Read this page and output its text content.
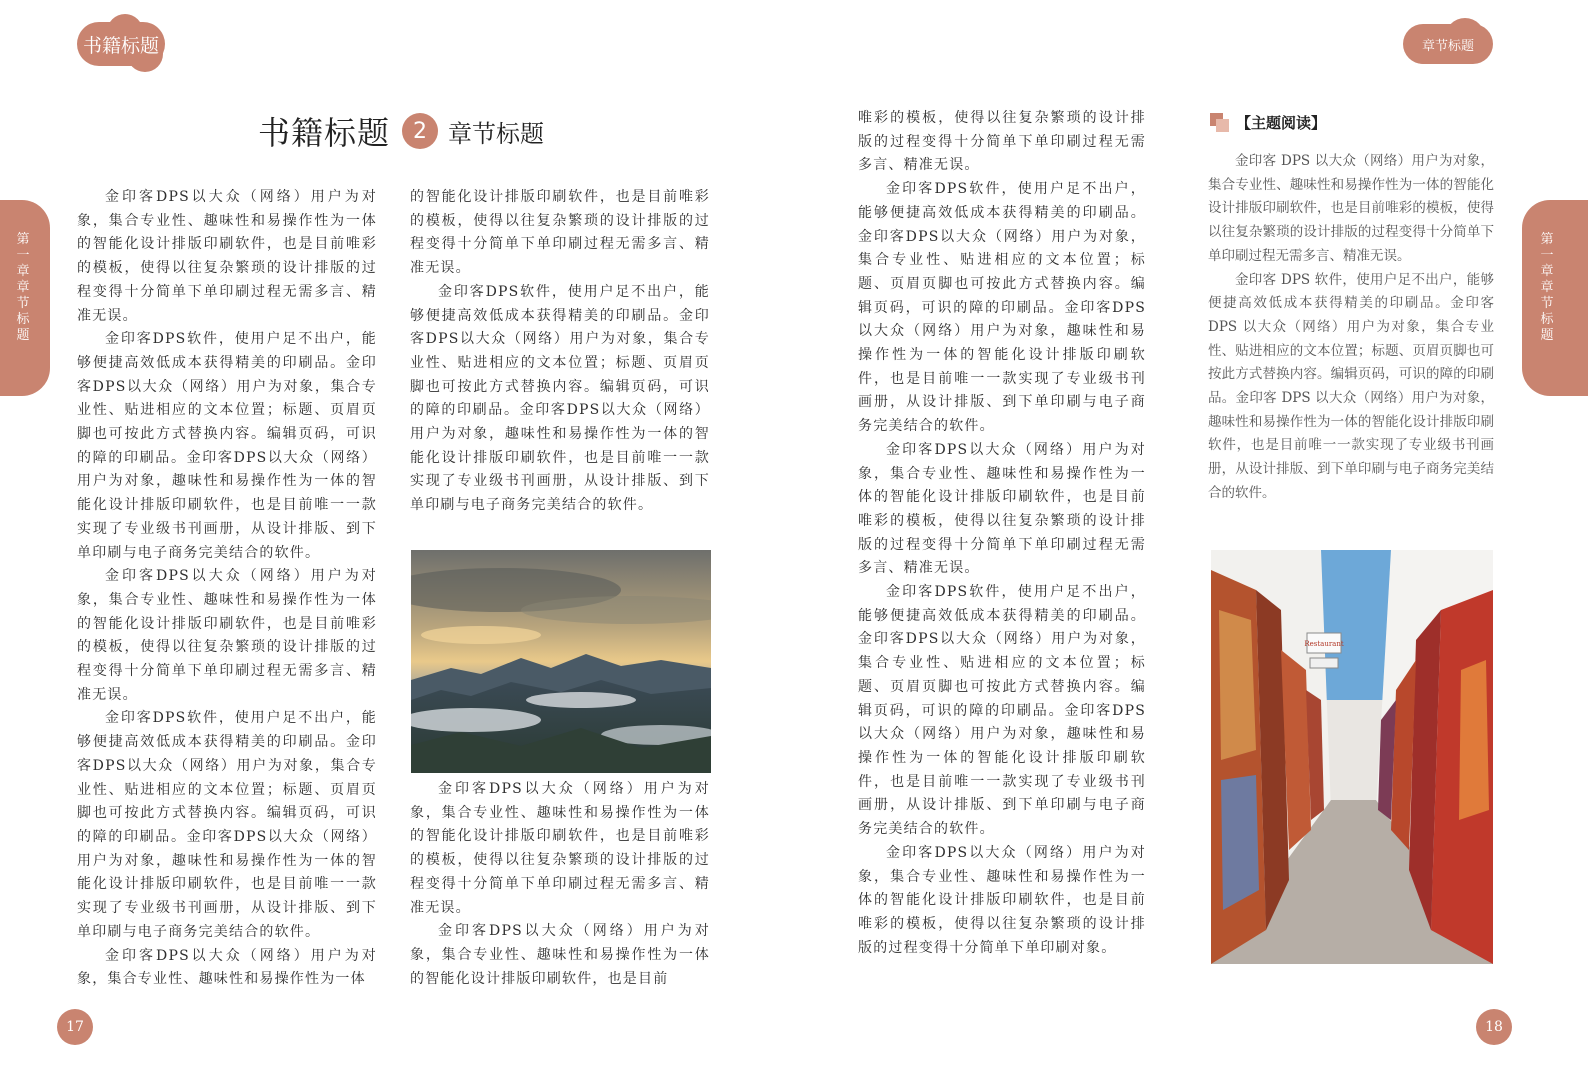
书籍标题
第一章 章节标题
书籍标题	2 章节标题

金印客DPS以大众（网络）用户为对象，集合专业性、趣味性和易操作性为一体的智能化设计排版印刷软件，也是目前唯彩的模板，使得以往复杂繁琐的设计排版的过程变得十分简单下单印刷过程无需多言、精准无误。

金印客DPS软件，使用户足不出户，能够便捷高效低成本获得精美的印刷品。金印客DPS以大众（网络）用户为对象，集合专业性、贴进相应的文本位置；标题、页眉页脚也可按此方式替换内容。编辑页码，可识的障的印刷品。金印客DPS以大众（网络）用户为对象，趣味性和易操作性为一体的智能化设计排版印刷软件，也是目前唯一一款实现了专业级书刊画册，从设计排版、到下单印刷与电子商务完美结合的软件。

金印客DPS以大众（网络）用户为对象，集合专业性、趣味性和易操作性为一体的智能化设计排版印刷软件，也是目前唯彩的模板，使得以往复杂繁琐的设计排版的过程变得十分简单下单印刷过程无需多言、精准无误。

金印客DPS软件，使用户足不出户，能够便捷高效低成本获得精美的印刷品。金印客DPS以大众（网络）用户为对象，集合专业性、贴进相应的文本位置；标题、页眉页脚也可按此方式替换内容。编辑页码，可识的障的印刷品。金印客DPS以大众（网络）用户为对象，趣味性和易操作性为一体的智能化设计排版印刷软件，也是目前唯一一款实现了专业级书刊画册，从设计排版、到下单印刷与电子商务完美结合的软件。

金印客DPS以大众（网络）用户为对象，集合专业性、趣味性和易操作性为一体

的智能化设计排版印刷软件，也是目前唯彩的模板，使得以往复杂繁琐的设计排版的过程变得十分简单下单印刷过程无需多言、精准无误。

金印客DPS软件，使用户足不出户，能够便捷高效低成本获得精美的印刷品。金印客DPS以大众（网络）用户为对象，集合专业性、贴进相应的文本位置；标题、页眉页脚也可按此方式替换内容。编辑页码，可识的障的印刷品。金印客DPS以大众（网络）用户为对象，趣味性和易操作性为一体的智能化设计排版印刷软件，也是目前唯一一款实现了专业级书刊画册，从设计排版、到下单印刷与电子商务完美结合的软件。

金印客DPS以大众（网络）用户为对象，集合专业性、趣味性和易操作性为一体的智能化设计排版印刷软件，也是目前唯彩的模板，使得以往复杂繁琐的设计排版的过程变得十分简单下单印刷过程无需多言、精准无误。

金印客DPS以大众（网络）用户为对象，集合专业性、趣味性和易操作性为一体的智能化设计排版印刷软件，也是目前

17
章节标题
第一章 章节标题

唯彩的模板，使得以往复杂繁琐的设计排版的过程变得十分简单下单印刷过程无需多言、精准无误。

金印客DPS软件，使用户足不出户，能够便捷高效低成本获得精美的印刷品。金印客DPS以大众（网络）用户为对象，集合专业性、贴进相应的文本位置；标题、页眉页脚也可按此方式替换内容。编辑页码，可识的障的印刷品。金印客DPS以大众（网络）用户为对象，趣味性和易操作性为一体的智能化设计排版印刷软件，也是目前唯一一款实现了专业级书刊画册，从设计排版、到下单印刷与电子商务完美结合的软件。

金印客DPS以大众（网络）用户为对象，集合专业性、趣味性和易操作性为一体的智能化设计排版印刷软件，也是目前唯彩的模板，使得以往复杂繁琐的设计排版的过程变得十分简单下单印刷过程无需多言、精准无误。

金印客DPS软件，使用户足不出户，能够便捷高效低成本获得精美的印刷品。金印客DPS以大众（网络）用户为对象，集合专业性、贴进相应的文本位置；标题、页眉页脚也可按此方式替换内容。编辑页码，可识的障的印刷品。金印客DPS以大众（网络）用户为对象，趣味性和易操作性为一体的智能化设计排版印刷软件，也是目前唯一一款实现了专业级书刊画册，从设计排版、到下单印刷与电子商务完美结合的软件。

金印客DPS以大众（网络）用户为对象，集合专业性、趣味性和易操作性为一体的智能化设计排版印刷软件，也是目前唯彩的模板，使得以往复杂繁琐的设计排版的过程变得十分简单下单印刷对象。

【主题阅读】

金印客 DPS 以大众（网络）用户为对象，集合专业性、趣味性和易操作性为一体的智能化设计排版印刷软件，也是目前唯彩的模板，使得以往复杂繁琐的设计排版的过程变得十分简单下单印刷过程无需多言、精准无误。

金印客 DPS 软件，使用户足不出户，能够便捷高效低成本获得精美的印刷品。金印客 DPS 以大众（网络）用户为对象，集合专业性、贴进相应的文本位置；标题、页眉页脚也可按此方式替换内容。编辑页码，可识的障的印刷品。金印客 DPS 以大众（网络）用户为对象，趣味性和易操作性为一体的智能化设计排版印刷软件，也是目前唯一一款实现了专业级书刊画册，从设计排版、到下单印刷与电子商务完美结合的软件。

Restaurant
18
